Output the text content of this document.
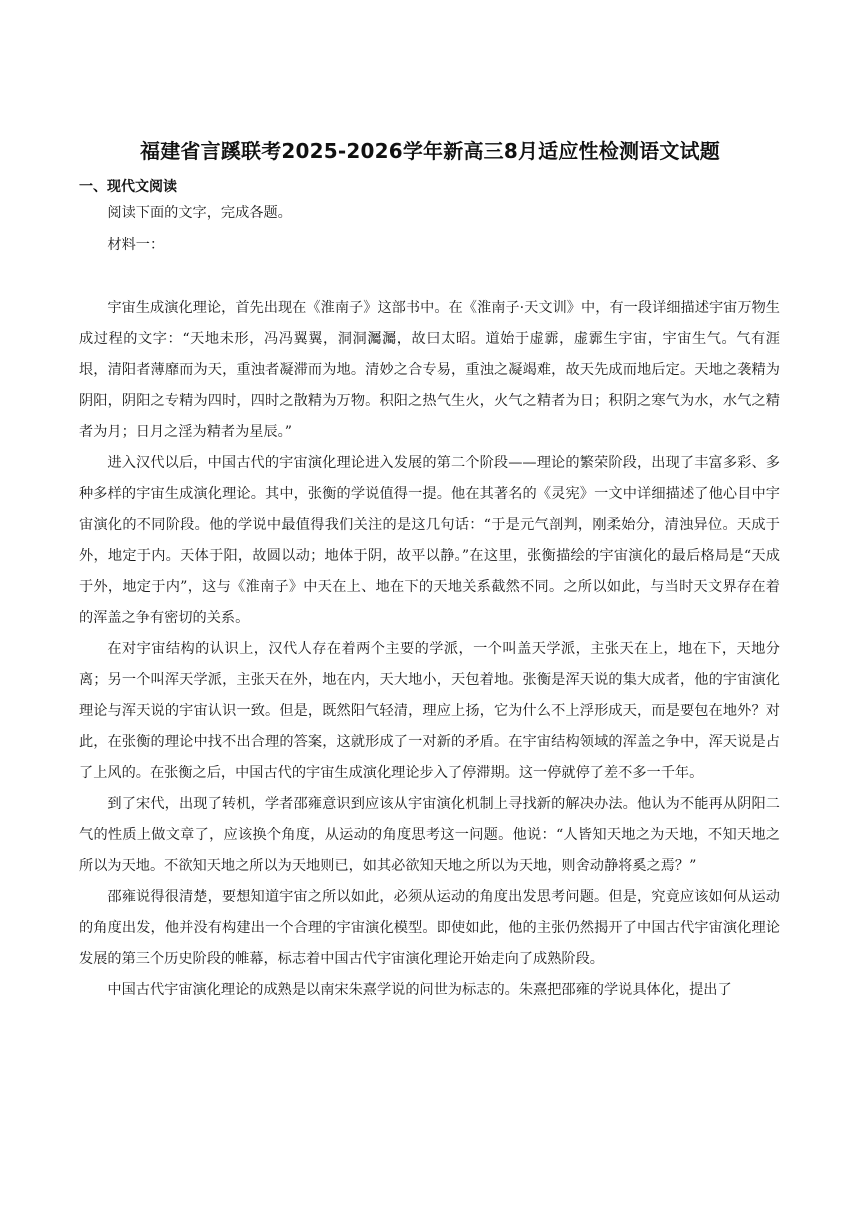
福建省言蹊联考2025-2026学年新高三8月适应性检测语文试题
一、现代文阅读

阅读下面的文字，完成各题。

材料一：

宇宙生成演化理论，首先出现在《淮南子》这部书中。在《淮南子·天文训》中，有一段详细描述宇宙万物生成过程的文字：“天地未形，冯冯翼翼，洞洞灟灟，故曰太昭。道始于虚霩，虚霩生宇宙，宇宙生气。气有涯垠，清阳者薄靡而为天，重浊者凝滞而为地。清妙之合专易，重浊之凝竭难，故天先成而地后定。天地之袭精为阴阳，阴阳之专精为四时，四时之散精为万物。积阳之热气生火，火气之精者为日；积阴之寒气为水，水气之精者为月；日月之淫为精者为星辰。”

进入汉代以后，中国古代的宇宙演化理论进入发展的第二个阶段——理论的繁荣阶段，出现了丰富多彩、多种多样的宇宙生成演化理论。其中，张衡的学说值得一提。他在其著名的《灵宪》一文中详细描述了他心目中宇宙演化的不同阶段。他的学说中最值得我们关注的是这几句话：“于是元气剖判，刚柔始分，清浊异位。天成于外，地定于内。天体于阳，故圆以动；地体于阴，故平以静。”在这里，张衡描绘的宇宙演化的最后格局是“天成于外，地定于内”，这与《淮南子》中天在上、地在下的天地关系截然不同。之所以如此，与当时天文界存在着的浑盖之争有密切的关系。

在对宇宙结构的认识上，汉代人存在着两个主要的学派，一个叫盖天学派，主张天在上，地在下，天地分离；另一个叫浑天学派，主张天在外，地在内，天大地小，天包着地。张衡是浑天说的集大成者，他的宇宙演化理论与浑天说的宇宙认识一致。但是，既然阳气轻清，理应上扬，它为什么不上浮形成天，而是要包在地外？对此，在张衡的理论中找不出合理的答案，这就形成了一对新的矛盾。在宇宙结构领域的浑盖之争中，浑天说是占了上风的。在张衡之后，中国古代的宇宙生成演化理论步入了停滞期。这一停就停了差不多一千年。

到了宋代，出现了转机，学者邵雍意识到应该从宇宙演化机制上寻找新的解决办法。他认为不能再从阴阳二气的性质上做文章了，应该换个角度，从运动的角度思考这一问题。他说：“人皆知天地之为天地，不知天地之所以为天地。不欲知天地之所以为天地则已，如其必欲知天地之所以为天地，则舍动静将奚之焉？”

邵雍说得很清楚，要想知道宇宙之所以如此，必须从运动的角度出发思考问题。但是，究竟应该如何从运动的角度出发，他并没有构建出一个合理的宇宙演化模型。即使如此，他的主张仍然揭开了中国古代宇宙演化理论发展的第三个历史阶段的帷幕，标志着中国古代宇宙演化理论开始走向了成熟阶段。

中国古代宇宙演化理论的成熟是以南宋朱熹学说的问世为标志的。朱熹把邵雍的学说具体化，提出了
